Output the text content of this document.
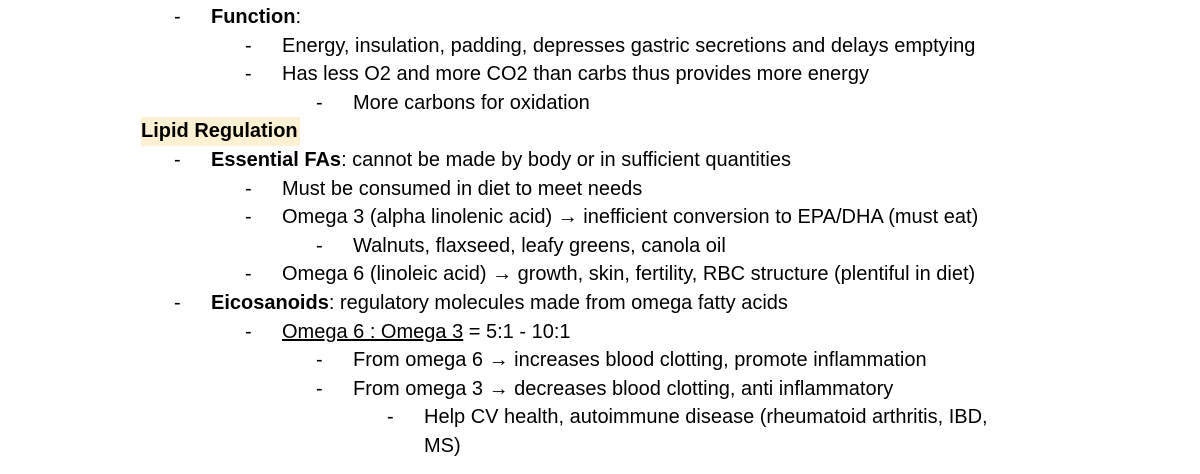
- Function:
- Energy, insulation, padding, depresses gastric secretions and delays emptying
- Has less O2 and more CO2 than carbs thus provides more energy
- More carbons for oxidation
Lipid Regulation
- Essential FAs: cannot be made by body or in sufficient quantities
- Must be consumed in diet to meet needs
- Omega 3 (alpha linolenic acid) → inefficient conversion to EPA/DHA (must eat)
- Walnuts, flaxseed, leafy greens, canola oil
- Omega 6 (linoleic acid) → growth, skin, fertility, RBC structure (plentiful in diet)
- Eicosanoids: regulatory molecules made from omega fatty acids
- Omega 6 : Omega 3 = 5:1 - 10:1
- From omega 6 → increases blood clotting, promote inflammation
- From omega 3 → decreases blood clotting, anti inflammatory
- Help CV health, autoimmune disease (rheumatoid arthritis, IBD,
MS)
